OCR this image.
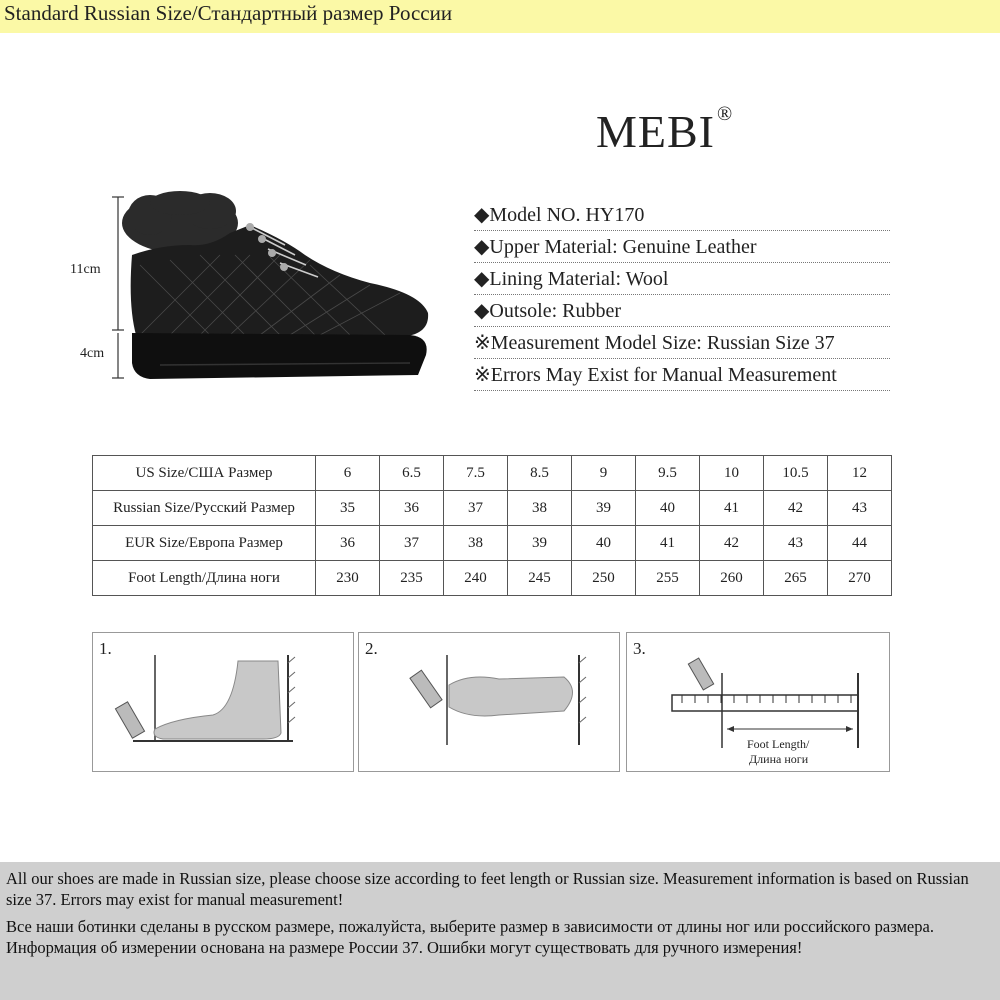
Standard Russian Size/Стандартный размер России
11cm
4cm
MEBI ®
◆Model NO. HY170
◆Upper Material: Genuine Leather
◆Lining Material: Wool
◆Outsole: Rubber
※Measurement Model Size: Russian Size 37
※Errors May Exist for Manual Measurement
US Size/США Размер	6	6.5	7.5	8.5	9	9.5	10	10.5	12
Russian Size/Русский Размер	35	36	37	38	39	40	41	42	43
EUR Size/Европа Размер	36	37	38	39	40	41	42	43	44
Foot Length/Длина ноги	230	235	240	245	250	255	260	265	270
1.	2.	3.
Foot Length/
Длина ноги

All our shoes are made in Russian size, please choose size according to feet length or Russian size. Measurement information is based on Russian size 37. Errors may exist for manual measurement!

Все наши ботинки сделаны в русском размере, пожалуйста, выберите размер в зависимости от длины ног или российского размера. Информация об измерении основана на размере России 37. Ошибки могут существовать для ручного измерения!
